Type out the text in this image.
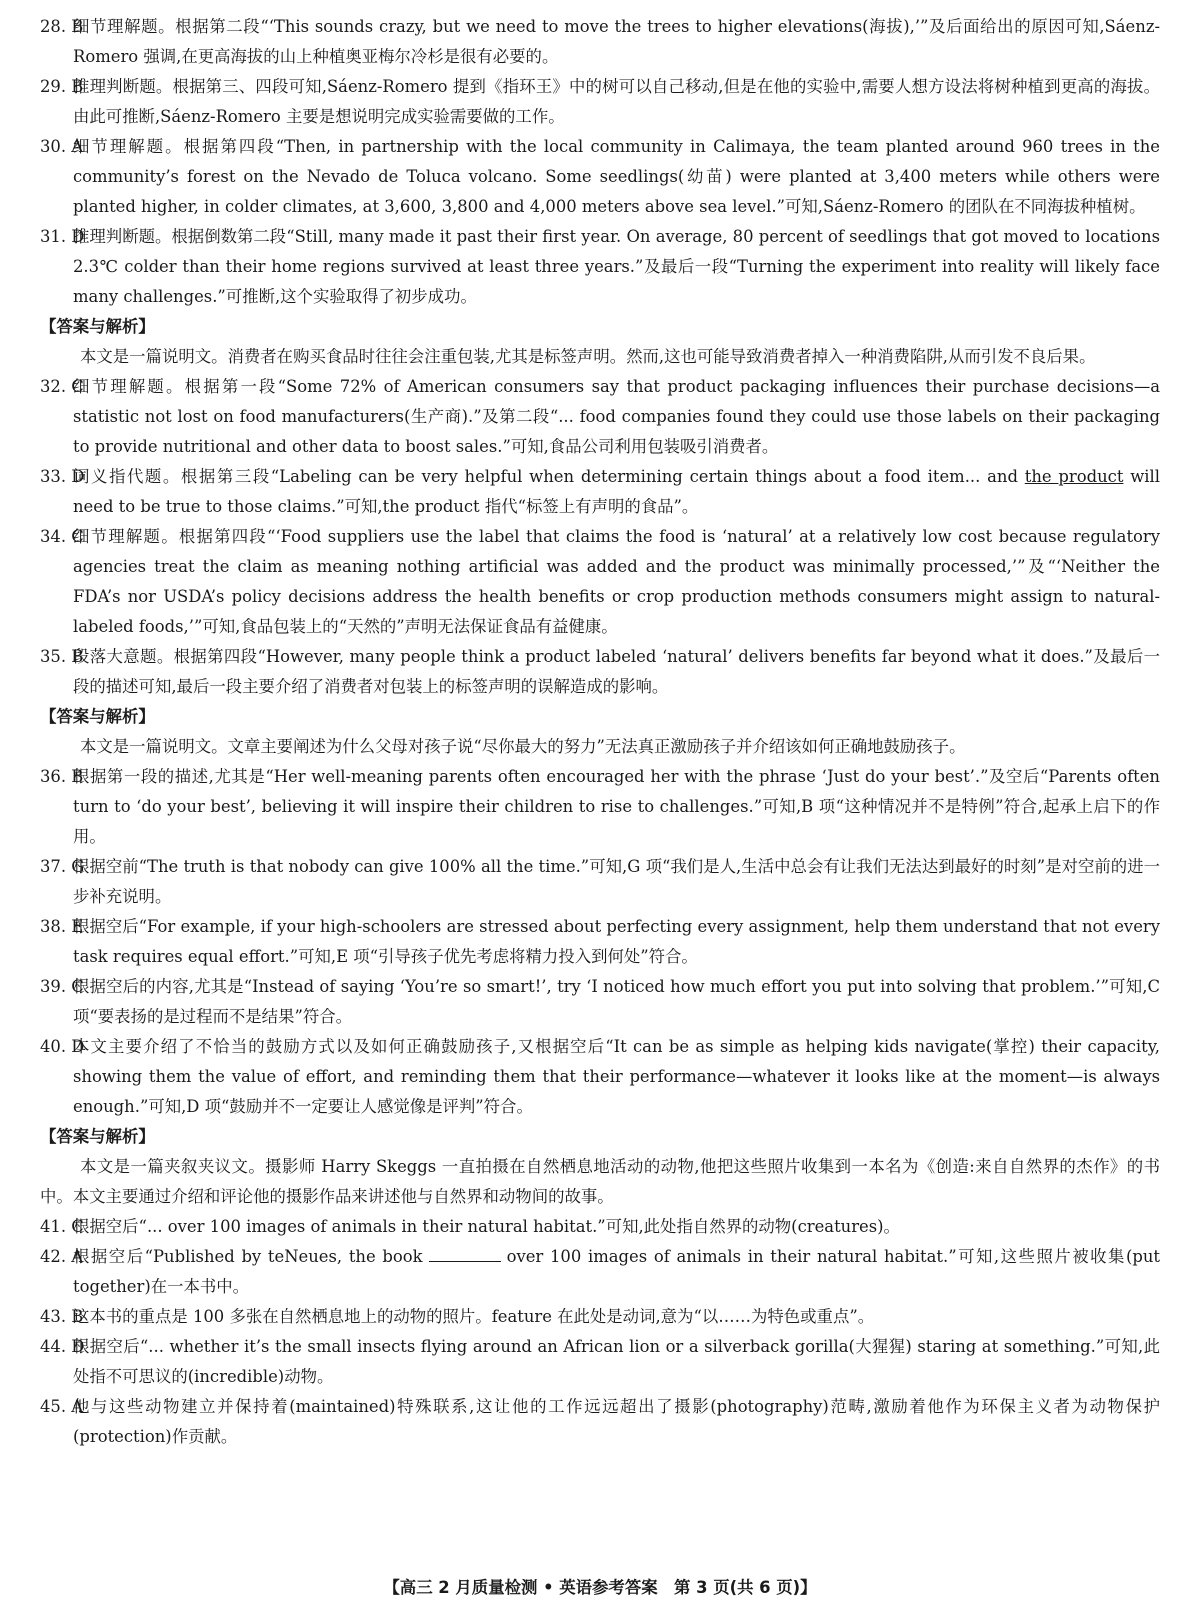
28. B
细节理解题。根据第二段“‘This sounds crazy, but we need to move the trees to higher elevations(海拔),’”及后面给出的原因可知,Sáenz-Romero 强调,在更高海拔的山上种植奥亚梅尔冷杉是很有必要的。
29. B
推理判断题。根据第三、四段可知,Sáenz-Romero 提到《指环王》中的树可以自己移动,但是在他的实验中,需要人想方设法将树种植到更高的海拔。由此可推断,Sáenz-Romero 主要是想说明完成实验需要做的工作。
30. A
细节理解题。根据第四段“Then, in partnership with the local community in Calimaya, the team planted around 960 trees in the community’s forest on the Nevado de Toluca volcano. Some seedlings(幼苗) were planted at 3,400 meters while others were planted higher, in colder climates, at 3,600, 3,800 and 4,000 meters above sea level.”可知,Sáenz-Romero 的团队在不同海拔种植树。
31. D
推理判断题。根据倒数第二段“Still, many made it past their first year. On average, 80 percent of seedlings that got moved to locations 2.3℃ colder than their home regions survived at least three years.”及最后一段“Turning the experiment into reality will likely face many challenges.”可推断,这个实验取得了初步成功。
【答案与解析】
本文是一篇说明文。消费者在购买食品时往往会注重包装,尤其是标签声明。然而,这也可能导致消费者掉入一种消费陷阱,从而引发不良后果。
32. C
细节理解题。根据第一段“Some 72% of American consumers say that product packaging influences their purchase decisions—a statistic not lost on food manufacturers(生产商).”及第二段“... food companies found they could use those labels on their packaging to provide nutritional and other data to boost sales.”可知,食品公司利用包装吸引消费者。
33. D
词义指代题。根据第三段“Labeling can be very helpful when determining certain things about a food item... and the product will need to be true to those claims.”可知,the product 指代“标签上有声明的食品”。
34. C
细节理解题。根据第四段“‘Food suppliers use the label that claims the food is ‘natural’ at a relatively low cost because regulatory agencies treat the claim as meaning nothing artificial was added and the product was minimally processed,’”及“‘Neither the FDA’s nor USDA’s policy decisions address the health benefits or crop production methods consumers might assign to natural-labeled foods,’”可知,食品包装上的“天然的”声明无法保证食品有益健康。
35. B
段落大意题。根据第四段“However, many people think a product labeled ‘natural’ delivers benefits far beyond what it does.”及最后一段的描述可知,最后一段主要介绍了消费者对包装上的标签声明的误解造成的影响。
【答案与解析】
本文是一篇说明文。文章主要阐述为什么父母对孩子说“尽你最大的努力”无法真正激励孩子并介绍该如何正确地鼓励孩子。
36. B
根据第一段的描述,尤其是“Her well-meaning parents often encouraged her with the phrase ‘Just do your best’.”及空后“Parents often turn to ‘do your best’, believing it will inspire their children to rise to challenges.”可知,B 项“这种情况并不是特例”符合,起承上启下的作用。
37. G
根据空前“The truth is that nobody can give 100% all the time.”可知,G 项“我们是人,生活中总会有让我们无法达到最好的时刻”是对空前的进一步补充说明。
38. E
根据空后“For example, if your high-schoolers are stressed about perfecting every assignment, help them understand that not every task requires equal effort.”可知,E 项“引导孩子优先考虑将精力投入到何处”符合。
39. C
根据空后的内容,尤其是“Instead of saying ‘You’re so smart!’, try ‘I noticed how much effort you put into solving that problem.’”可知,C 项“要表扬的是过程而不是结果”符合。
40. D
本文主要介绍了不恰当的鼓励方式以及如何正确鼓励孩子,又根据空后“It can be as simple as helping kids navigate(掌控) their capacity, showing them the value of effort, and reminding them that their performance—whatever it looks like at the moment—is always enough.”可知,D 项“鼓励并不一定要让人感觉像是评判”符合。
【答案与解析】
本文是一篇夹叙夹议文。摄影师 Harry Skeggs 一直拍摄在自然栖息地活动的动物,他把这些照片收集到一本名为《创造:来自自然界的杰作》的书中。本文主要通过介绍和评论他的摄影作品来讲述他与自然界和动物间的故事。
41. C
根据空后“... over 100 images of animals in their natural habitat.”可知,此处指自然界的动物(creatures)。
42. A
根据空后“Published by teNeues, the book	over 100 images of animals in their natural habitat.”可知,这些照片被收集(put together)在一本书中。
43. B
这本书的重点是 100 多张在自然栖息地上的动物的照片。feature 在此处是动词,意为“以……为特色或重点”。
44. D
根据空后“... whether it’s the small insects flying around an African lion or a silverback gorilla(大猩猩) staring at something.”可知,此处指不可思议的(incredible)动物。
45. A
他与这些动物建立并保持着(maintained)特殊联系,这让他的工作远远超出了摄影(photography)范畴,激励着他作为环保主义者为动物保护(protection)作贡献。
【高三 2 月质量检测 • 英语参考答案　第 3 页(共 6 页)】
